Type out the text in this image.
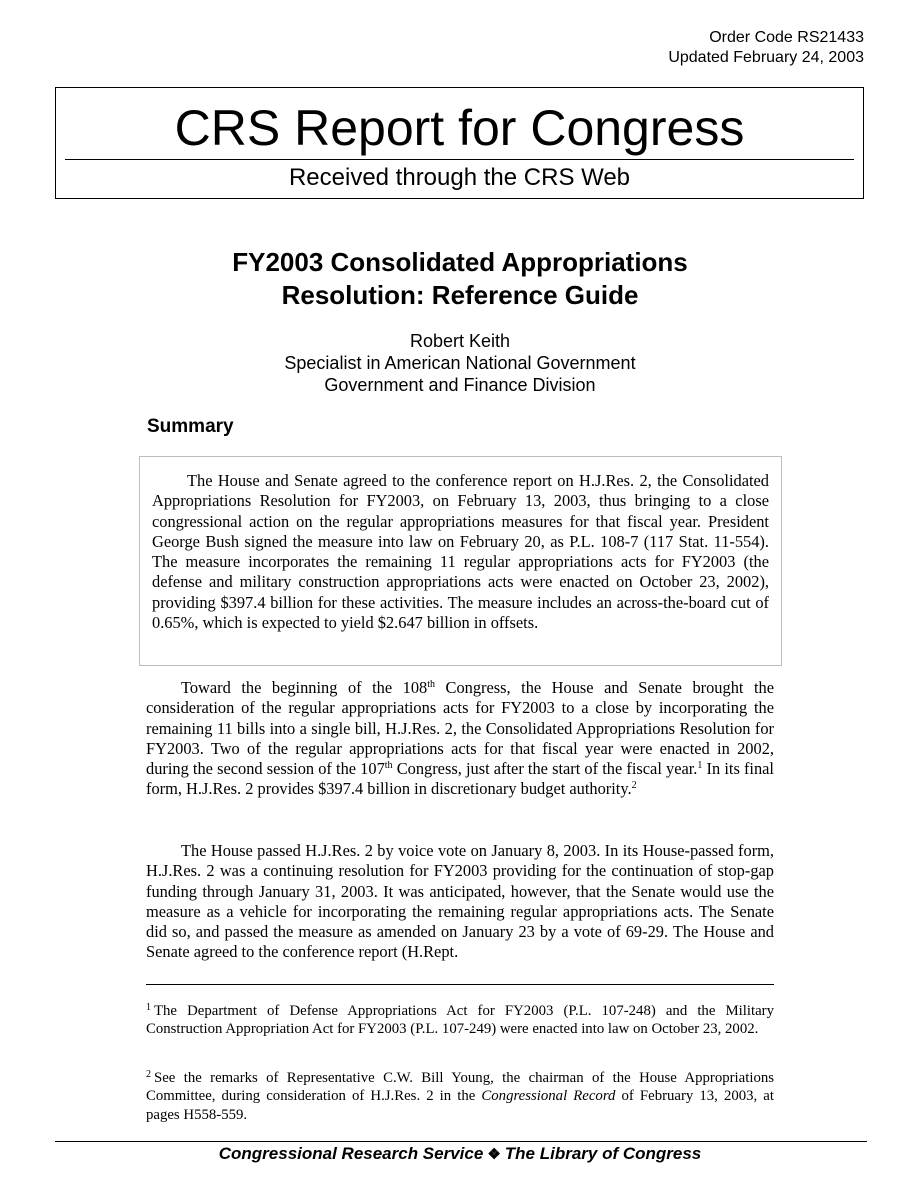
Order Code RS21433
Updated February 24, 2003
CRS Report for Congress
Received through the CRS Web
FY2003 Consolidated Appropriations
Resolution: Reference Guide
Robert Keith
Specialist in American National Government
Government and Finance Division
Summary

The House and Senate agreed to the conference report on H.J.Res. 2, the Consolidated Appropriations Resolution for FY2003, on February 13, 2003, thus bringing to a close congressional action on the regular appropriations measures for that fiscal year. President George Bush signed the measure into law on February 20, as P.L. 108-7 (117 Stat. 11-554). The measure incorporates the remaining 11 regular appropriations acts for FY2003 (the defense and military construction appropriations acts were enacted on October 23, 2002), providing $397.4 billion for these activities. The measure includes an across-the-board cut of 0.65%, which is expected to yield $2.647 billion in offsets.

Toward the beginning of the 108th Congress, the House and Senate brought the consideration of the regular appropriations acts for FY2003 to a close by incorporating the remaining 11 bills into a single bill, H.J.Res. 2, the Consolidated Appropriations Resolution for FY2003. Two of the regular appropriations acts for that fiscal year were enacted in 2002, during the second session of the 107th Congress, just after the start of the fiscal year.$^1$ In its final form, H.J.Res. 2 provides $397.4 billion in discretionary budget authority.$^2$

The House passed H.J.Res. 2 by voice vote on January 8, 2003. In its House-passed form, H.J.Res. 2 was a continuing resolution for FY2003 providing for the continuation of stop-gap funding through January 31, 2003. It was anticipated, however, that the Senate would use the measure as a vehicle for incorporating the remaining regular appropriations acts. The Senate did so, and passed the measure as amended on January 23 by a vote of 69-29. The House and Senate agreed to the conference report (H.Rept.

$^1$ The Department of Defense Appropriations Act for FY2003 (P.L. 107-248) and the Military Construction Appropriation Act for FY2003 (P.L. 107-249) were enacted into law on October 23, 2002.

$^2$ See the remarks of Representative C.W. Bill Young, the chairman of the House Appropriations Committee, during consideration of H.J.Res. 2 in the Congressional Record of February 13, 2003, at pages H558-559.

Congressional Research Service ❖ The Library of Congress
